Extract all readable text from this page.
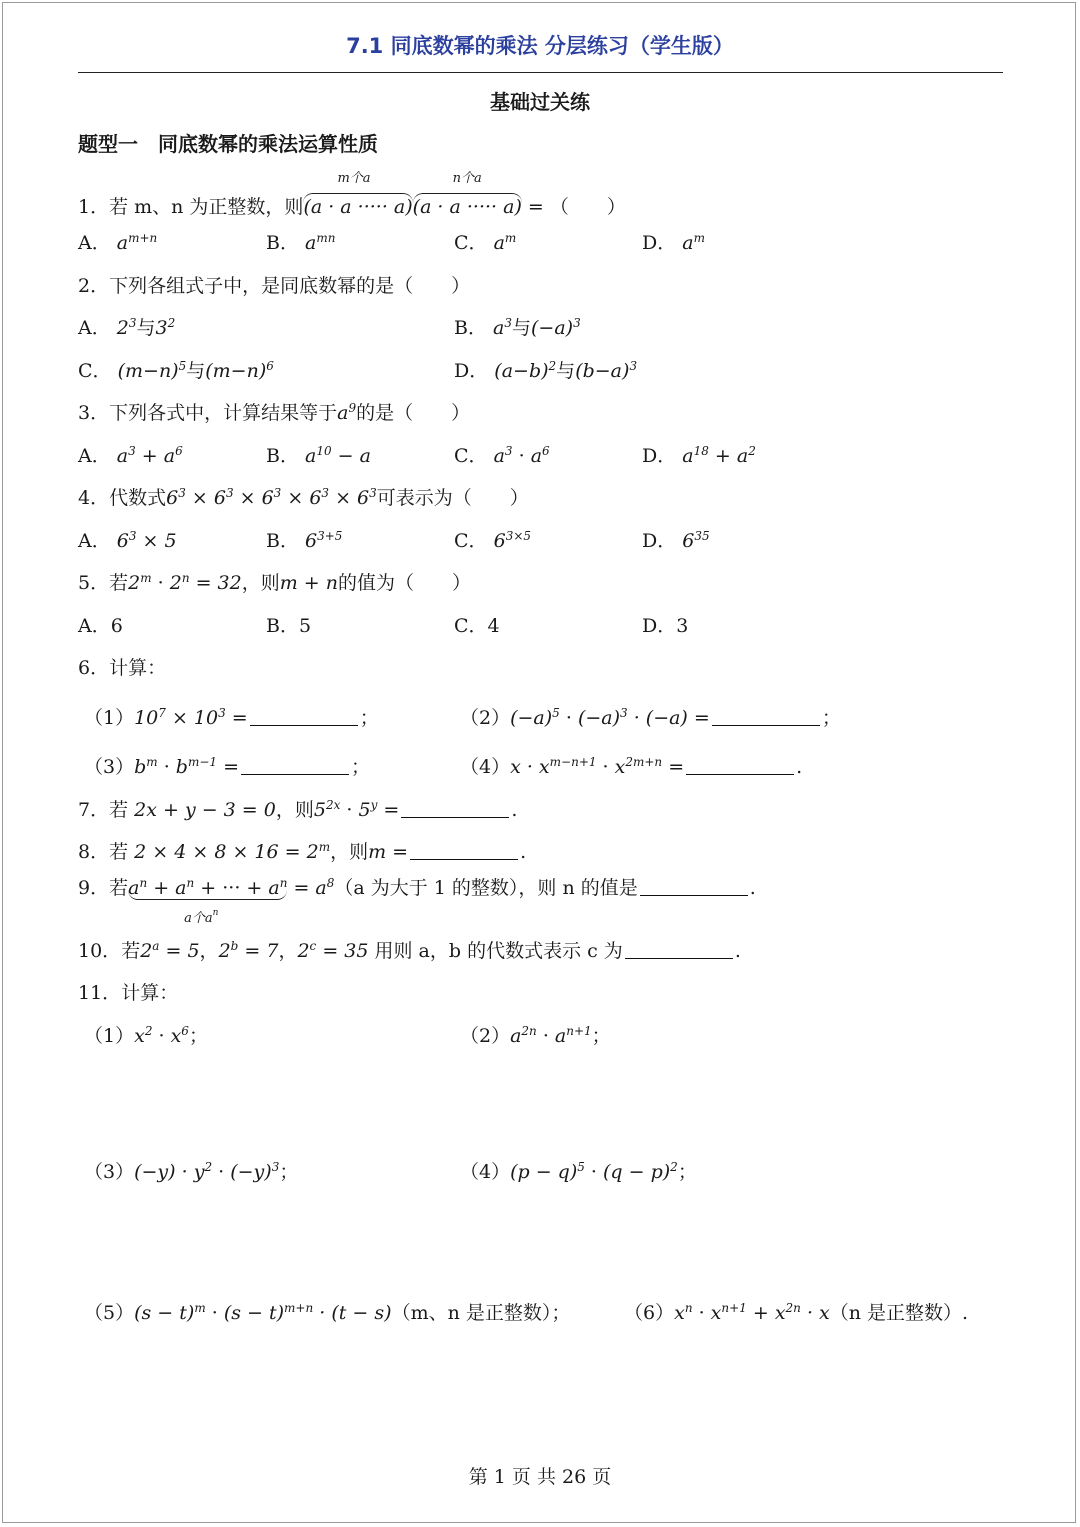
7.1 同底数幂的乘法 分层练习（学生版）
基础过关练
题型一　同底数幂的乘法运算性质
1．若 m、n 为正整数，则
m个a
(a · a ····· a)
n个a
(a · a ····· a) = （　　）
A． $a^{m+n}$	B． $a^{mn}$	C． $a^m$	D． $a^m$
2．下列各组式子中，是同底数幂的是（　　）
A． $2^3$与$3^2$	B． $a^3$与$(-a)^3$
C． $(m-n)^5$与$(m-n)^6$	D． $(a-b)^2$与$(b-a)^3$
3．下列各式中，计算结果等于$a^9$的是（　　）
A． $a^3 + a^6$	B． $a^{10} - a$	C． $a^3 \cdot a^6$	D． $a^{18} + a^2$
4．代数式$6^3 \times 6^3 \times 6^3 \times 6^3 \times 6^3$可表示为（　　）
A． $6^3 \times 5$	B． $6^{3+5}$	C． $6^{3\times 5}$	D． $6^{35}$
5．若$2^m \cdot 2^n = 32$，则m + n的值为（　　）
A．6	B．5	C．4	D．3
6．计算：
$(1)10^7 \times 10^3$ =	；	$(2)(-a)^5 \cdot (-a)^3 \cdot (-a)$ =	；
$(3)b^m \cdot b^{m-1}$ =	；	$(4)x \cdot x^{m-n+1} \cdot x^{2m+n}$ =	.
7．若 2x + y − 3 = 0，则$5^{2x} \cdot 5^y$ =	.
8．若 $2 \times 4 \times 8 \times 16 = 2^m$，则m =	.
9．若$a^n + a^n$ + ··· + $a^n$
a个$a^n$
= $a^8(a$ 为大于 1 的整数），则 n 的值是	.
10．若$2^a = 5$，$2^b = 7$，$2^c = 35$ 用则 a，b 的代数式表示 c 为	.
11．计算：
$(1)x^2 \cdot x^6$；	$(2)a^{2n} \cdot a^{n+1}$；
$(3)(-y) \cdot y^2 \cdot (-y)^3$；	$(4)(p - q)^5 \cdot (q - p)^2$；
$(5)(s - t)^m \cdot (s - t)^{m+n} \cdot (t - s)(m$、n 是正整数）；	$(6)x^n \cdot x^{n+1} + x^{2n} \cdot x(n$ 是正整数）.
第 1 页 共 26 页
